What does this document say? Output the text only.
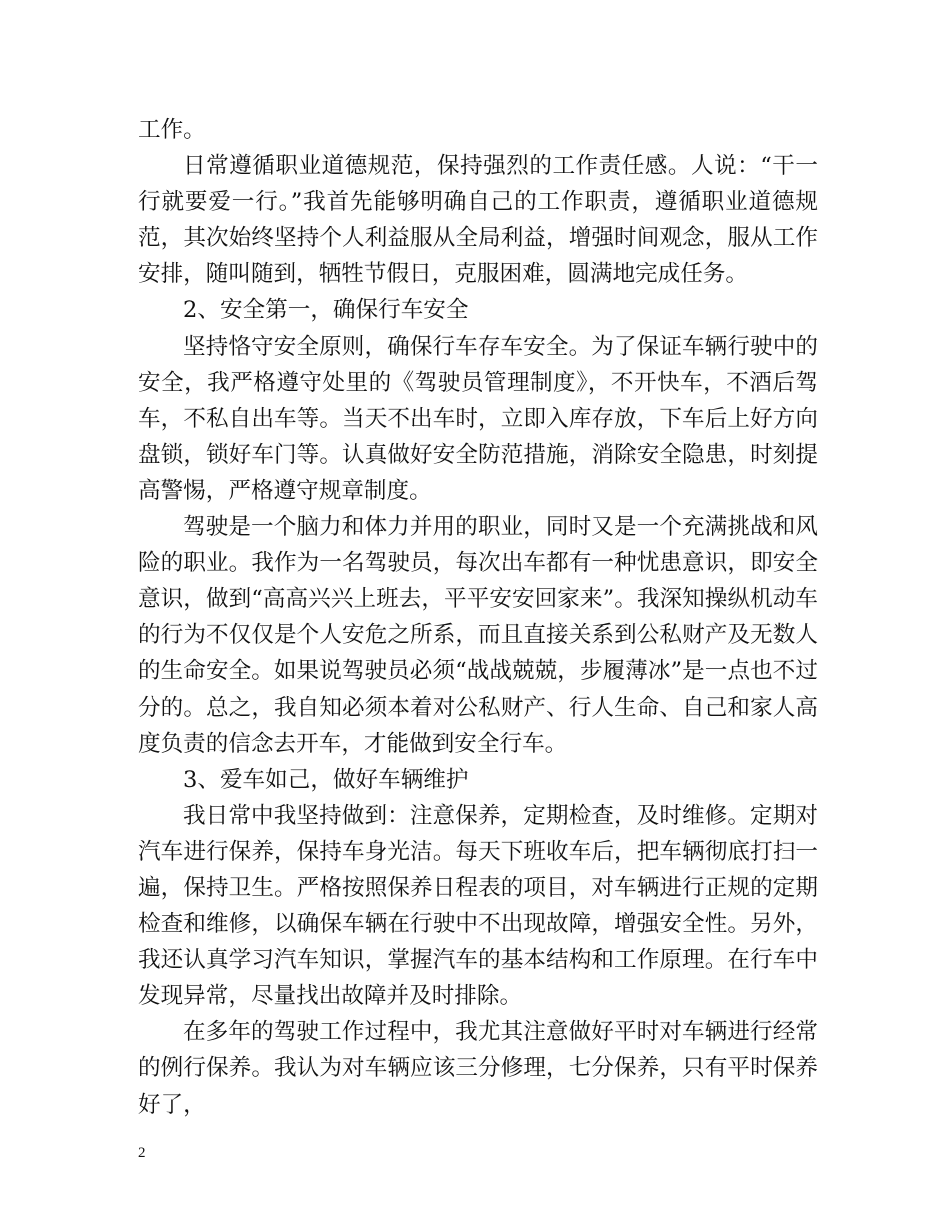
工作。

日常遵循职业道德规范，保持强烈的工作责任感。人说：“干一行就要爱一行。”我首先能够明确自己的工作职责，遵循职业道德规范，其次始终坚持个人利益服从全局利益，增强时间观念，服从工作安排，随叫随到，牺牲节假日，克服困难，圆满地完成任务。

2、安全第一，确保行车安全

坚持恪守安全原则，确保行车存车安全。为了保证车辆行驶中的安全，我严格遵守处里的《驾驶员管理制度》，不开快车，不酒后驾车，不私自出车等。当天不出车时，立即入库存放，下车后上好方向盘锁，锁好车门等。认真做好安全防范措施，消除安全隐患，时刻提高警惕，严格遵守规章制度。

驾驶是一个脑力和体力并用的职业，同时又是一个充满挑战和风险的职业。我作为一名驾驶员，每次出车都有一种忧患意识，即安全意识，做到“高高兴兴上班去，平平安安回家来”。我深知操纵机动车的行为不仅仅是个人安危之所系，而且直接关系到公私财产及无数人的生命安全。如果说驾驶员必须“战战兢兢，步履薄冰”是一点也不过分的。总之，我自知必须本着对公私财产、行人生命、自己和家人高度负责的信念去开车，才能做到安全行车。

3、爱车如己，做好车辆维护

我日常中我坚持做到：注意保养，定期检查，及时维修。定期对汽车进行保养，保持车身光洁。每天下班收车后，把车辆彻底打扫一遍，保持卫生。严格按照保养日程表的项目，对车辆进行正规的定期检查和维修，以确保车辆在行驶中不出现故障，增强安全性。另外，我还认真学习汽车知识，掌握汽车的基本结构和工作原理。在行车中发现异常，尽量找出故障并及时排除。

在多年的驾驶工作过程中，我尤其注意做好平时对车辆进行经常的例行保养。我认为对车辆应该三分修理，七分保养，只有平时保养好了，

2
